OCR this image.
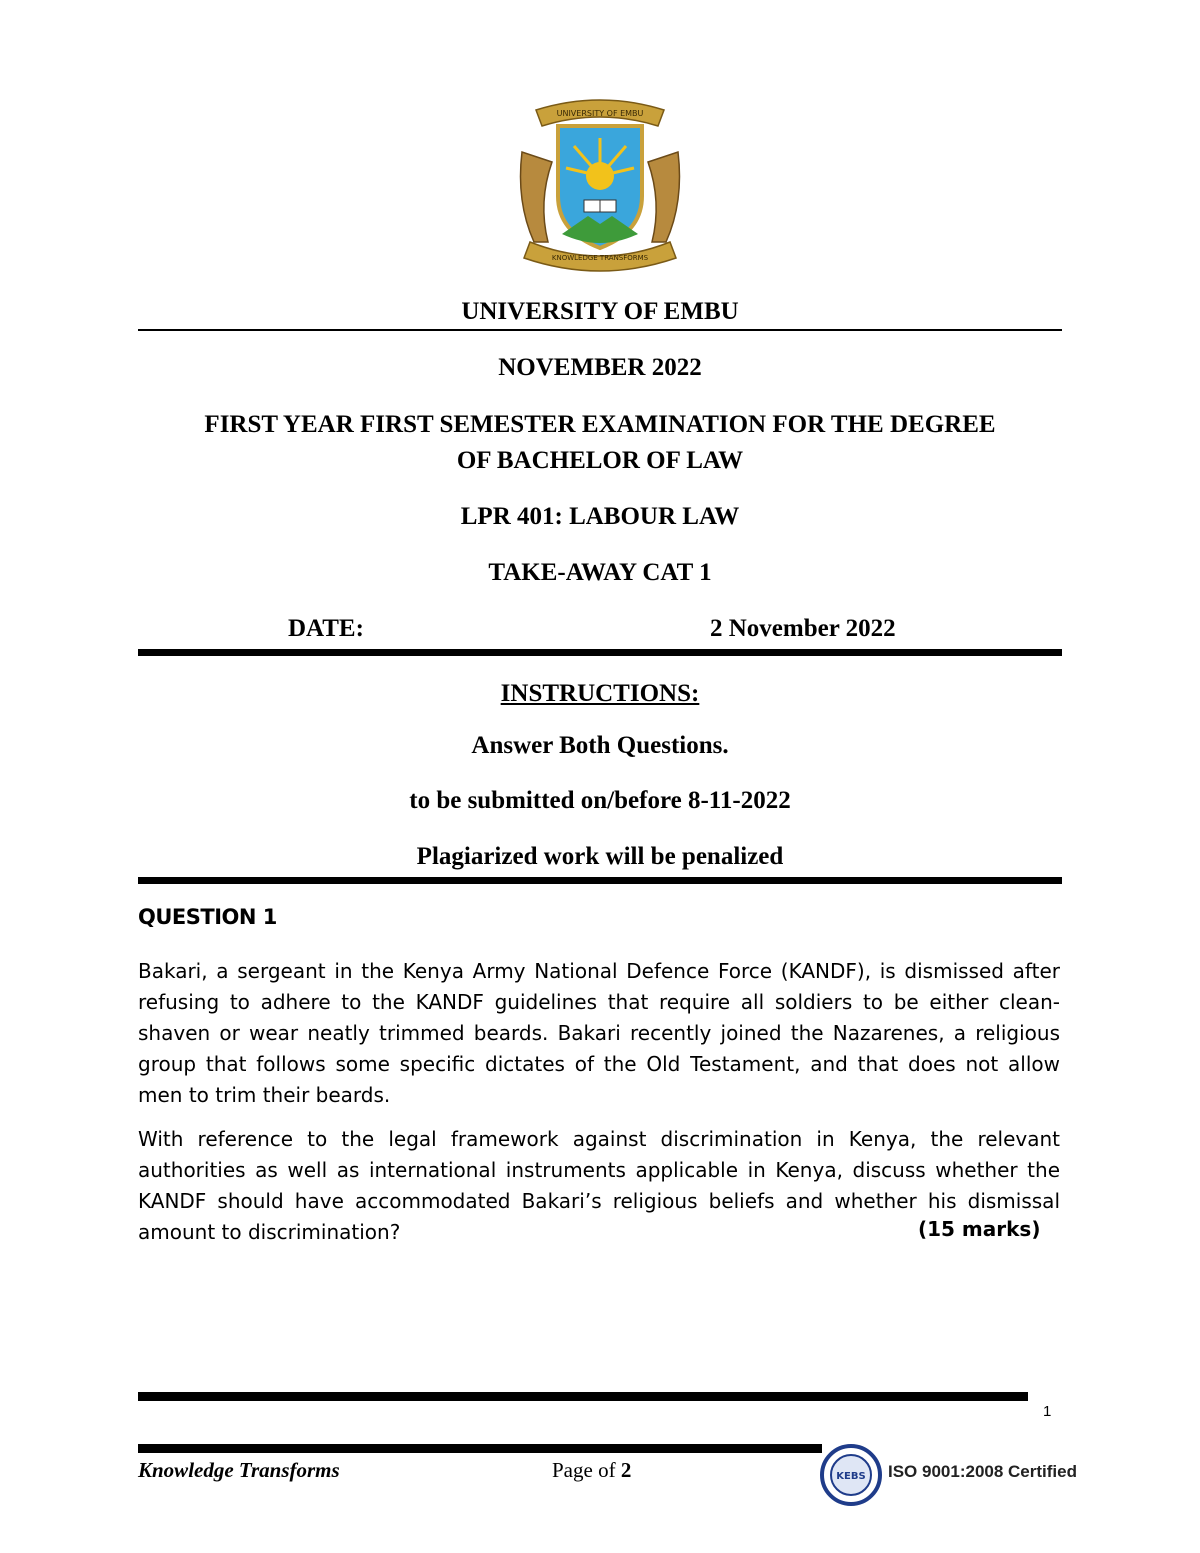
UNIVERSITY OF EMBU
KNOWLEDGE TRANSFORMS
UNIVERSITY OF EMBU
NOVEMBER 2022
FIRST YEAR FIRST SEMESTER EXAMINATION FOR THE DEGREE
OF BACHELOR OF LAW
LPR 401: LABOUR LAW
TAKE-AWAY CAT 1
DATE:	2 November 2022
INSTRUCTIONS:
Answer Both Questions.
to be submitted on/before 8-11-2022
Plagiarized work will be penalized
QUESTION 1
Bakari, a sergeant in the Kenya Army National Defence Force (KANDF), is dismissed after refusing to adhere to the KANDF guidelines that require all soldiers to be either clean-shaven or wear neatly trimmed beards. Bakari recently joined the Nazarenes, a religious group that follows some specific dictates of the Old Testament, and that does not allow men to trim their beards.
With reference to the legal framework against discrimination in Kenya, the relevant authorities as well as international instruments applicable in Kenya, discuss whether the KANDF should have accommodated Bakari’s religious beliefs and whether his dismissal amount to discrimination?	(15 marks)
1
Knowledge Transforms	Page of 2	KEBS ISO 9001:2008 Certified
